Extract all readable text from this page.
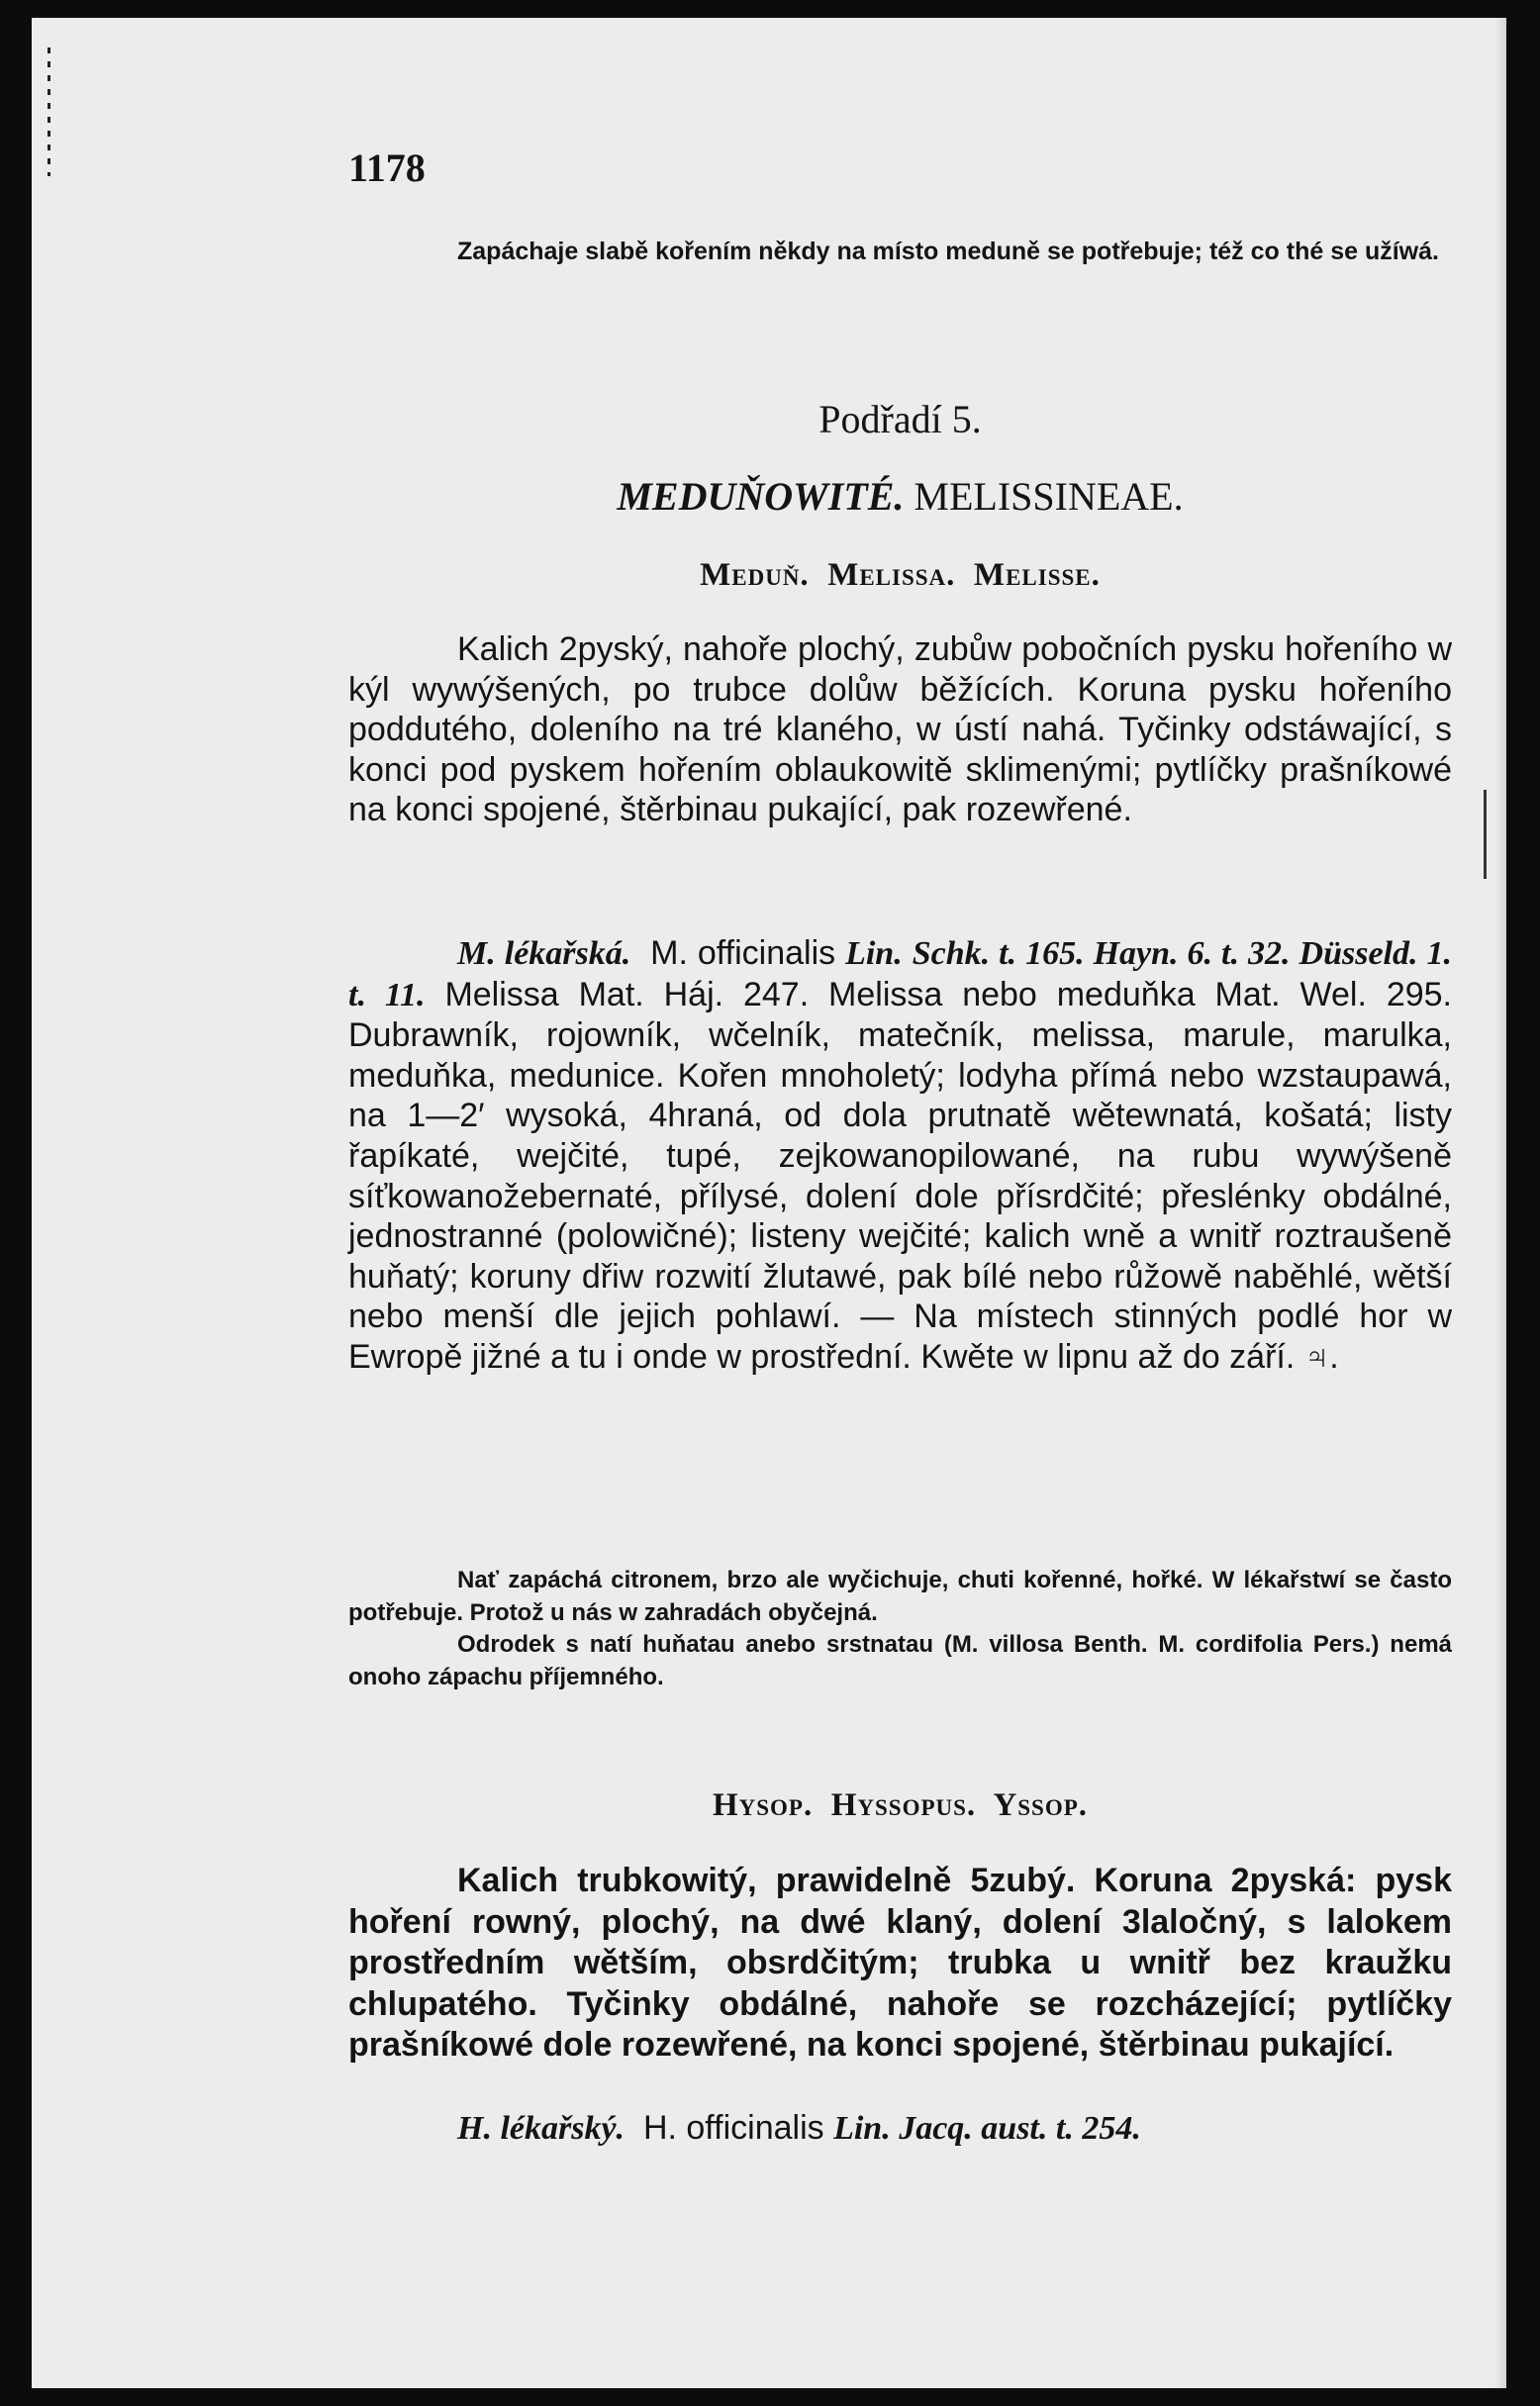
1178
Zapáchaje slabě kořením někdy na místo meduně se potřebuje; též co thé se užíwá.
Podřadí 5.
MEDUŇOWITÉ. MELISSINEAE.
Meduň. Melissa. Melisse.

Kalich 2pyský, nahoře plochý, zubůw pobočních pysku hořeního w kýl wywýšených, po trubce dolůw běžících. Koruna pysku hořeního poddutého, doleního na tré klaného, w ústí nahá. Tyčinky odstáwající, s konci pod pyskem hořením oblaukowitě sklimenými; pytlíčky prašníkowé na konci spojené, štěrbinau pukající, pak rozewřené.

M. lékařská. M. officinalis Lin. Schk. t. 165. Hayn. 6. t. 32. Düsseld. 1. t. 11. Melissa Mat. Háj. 247. Melissa nebo meduňka Mat. Wel. 295. Dubrawník, rojowník, wčelník, matečník, melissa, marule, marulka, meduňka, medunice. Kořen mnoholetý; lodyha přímá nebo wzstaupawá, na 1—2′ wysoká, 4hraná, od dola prutnatě wětewnatá, košatá; listy řapíkaté, wejčité, tupé, zejkowanopilowané, na rubu wywýšeně síťkowanožebernaté, přílysé, dolení dole přísrdčité; přeslénky obdálné, jednostranné (polowičné); listeny wejčité; kalich wně a wnitř roztraušeně huňatý; koruny dřiw rozwití žlutawé, pak bílé nebo růžowě naběhlé, wětší nebo menší dle jejich pohlawí. — Na místech stinných podlé hor w Ewropě jižné a tu i onde w prostřední. Kwěte w lipnu až do září. ♃.

Nať zapáchá citronem, brzo ale wyčichuje, chuti kořenné, hořké. W lékařstwí se často potřebuje. Protož u nás w zahradách obyčejná.

Odrodek s natí huňatau anebo srstnatau (M. villosa Benth. M. cordifolia Pers.) nemá onoho zápachu příjemného.

Hysop. Hyssopus. Yssop.

Kalich trubkowitý, prawidelně 5zubý. Koruna 2pyská: pysk hoření rowný, plochý, na dwé klaný, dolení 3laločný, s lalokem prostředním wětším, obsrdčitým; trubka u wnitř bez kraužku chlupatého. Tyčinky obdálné, nahoře se rozcházející; pytlíčky prašníkowé dole rozewřené, na konci spojené, štěrbinau pukající.

H. lékařský. H. officinalis Lin. Jacq. aust. t. 254.
